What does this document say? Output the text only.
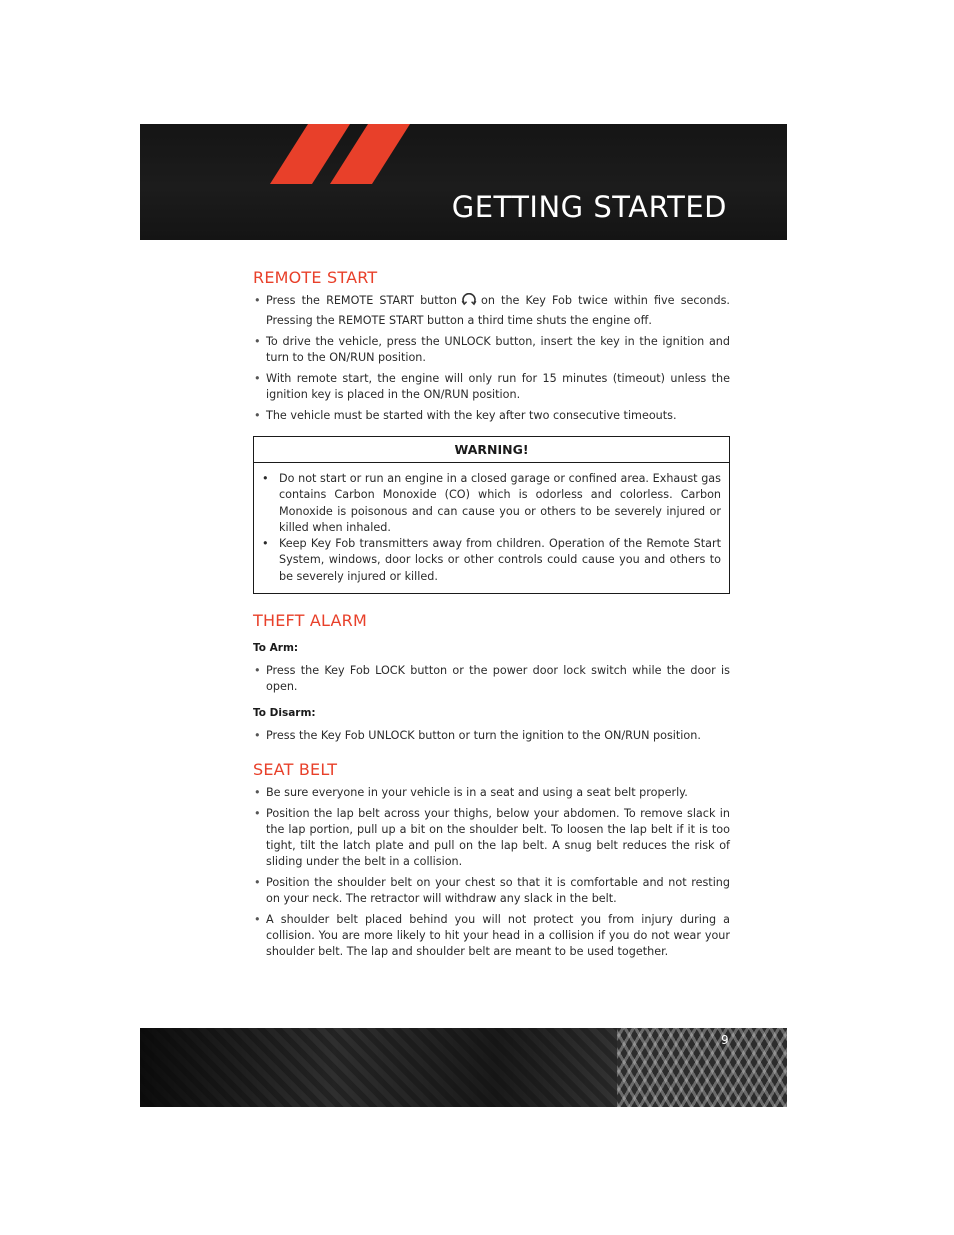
GETTING STARTED
REMOTE START
• Press the REMOTE START button on the Key Fob twice within five seconds. Pressing the REMOTE START button a third time shuts the engine off.
• To drive the vehicle, press the UNLOCK button, insert the key in the ignition and turn to the ON/RUN position.
• With remote start, the engine will only run for 15 minutes (timeout) unless the ignition key is placed in the ON/RUN position.
• The vehicle must be started with the key after two consecutive timeouts.
WARNING!
• Do not start or run an engine in a closed garage or confined area. Exhaust gas contains Carbon Monoxide (CO) which is odorless and colorless. Carbon Monoxide is poisonous and can cause you or others to be severely injured or killed when inhaled.
• Keep Key Fob transmitters away from children. Operation of the Remote Start System, windows, door locks or other controls could cause you and others to be severely injured or killed.
THEFT ALARM

To Arm:

• Press the Key Fob LOCK button or the power door lock switch while the door is open.

To Disarm:

• Press the Key Fob UNLOCK button or turn the ignition to the ON/RUN position.
SEAT BELT
• Be sure everyone in your vehicle is in a seat and using a seat belt properly.
• Position the lap belt across your thighs, below your abdomen. To remove slack in the lap portion, pull up a bit on the shoulder belt. To loosen the lap belt if it is too tight, tilt the latch plate and pull on the lap belt. A snug belt reduces the risk of sliding under the belt in a collision.
• Position the shoulder belt on your chest so that it is comfortable and not resting on your neck. The retractor will withdraw any slack in the belt.
• A shoulder belt placed behind you will not protect you from injury during a collision. You are more likely to hit your head in a collision if you do not wear your shoulder belt. The lap and shoulder belt are meant to be used together.
9
